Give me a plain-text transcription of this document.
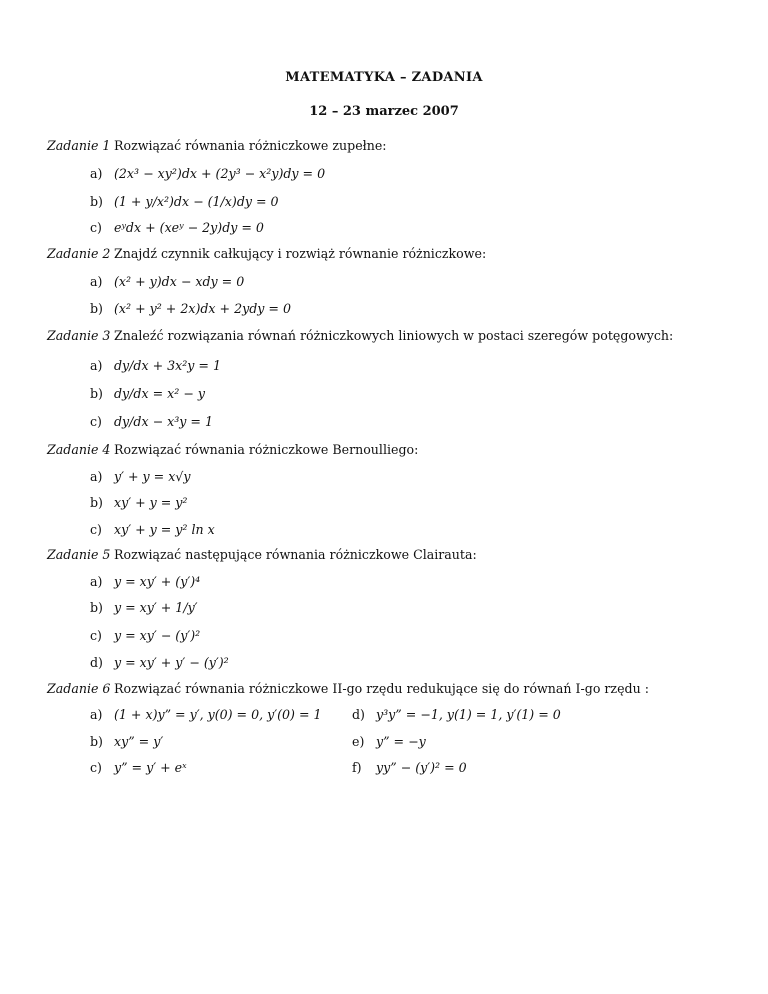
MATEMATYKA – ZADANIA
12 – 23 marzec 2007
Zadanie 1 Rozwiązać równania różniczkowe zupełne:
a) (2x³ − xy²)dx + (2y³ − x²y)dy = 0
b) (1 + y/x²)dx − (1/x)dy = 0
c) eʸdx + (xeʸ − 2y)dy = 0
Zadanie 2 Znajdź czynnik całkujący i rozwiąż równanie różniczkowe:
a) (x² + y)dx − xdy = 0
b) (x² + y² + 2x)dx + 2ydy = 0
Zadanie 3 Znaleźć rozwiązania równań różniczkowych liniowych w postaci szeregów potęgowych:
a) dy/dx + 3x²y = 1
b) dy/dx = x² − y
c) dy/dx − x³y = 1
Zadanie 4 Rozwiązać równania różniczkowe Bernoulliego:
a) y′ + y = x√y
b) xy′ + y = y²
c) xy′ + y = y² ln x
Zadanie 5 Rozwiązać następujące równania różniczkowe Clairauta:
a) y = xy′ + (y′)⁴
b) y = xy′ + 1/y′
c) y = xy′ − (y′)²
d) y = xy′ + y′ − (y′)²
Zadanie 6 Rozwiązać równania różniczkowe II-go rzędu redukujące się do równań I-go rzędu :
a) (1 + x)y” = y′, y(0) = 0, y′(0) = 1
b) xy” = y′
c) y” = y′ + eˣ
d) y³y” = −1, y(1) = 1, y′(1) = 0
e) y” = −y
f) yy” − (y′)² = 0
